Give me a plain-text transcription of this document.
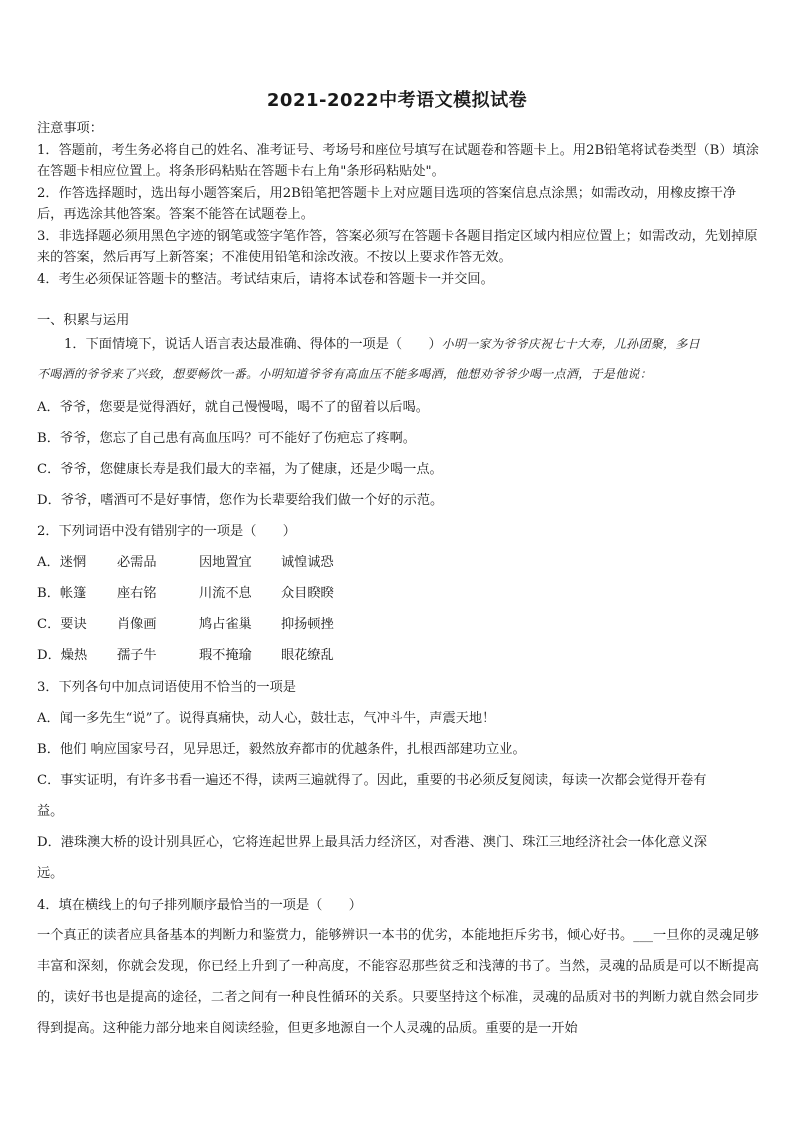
2021-2022中考语文模拟试卷

注意事项：

1．答题前，考生务必将自己的姓名、准考证号、考场号和座位号填写在试题卷和答题卡上。用2B铅笔将试卷类型（B）填涂在答题卡相应位置上。将条形码粘贴在答题卡右上角"条形码粘贴处"。

2．作答选择题时，选出每小题答案后，用2B铅笔把答题卡上对应题目选项的答案信息点涂黑；如需改动，用橡皮擦干净后，再选涂其他答案。答案不能答在试题卷上。

3．非选择题必须用黑色字迹的钢笔或签字笔作答，答案必须写在答题卡各题目指定区域内相应位置上；如需改动，先划掉原来的答案，然后再写上新答案；不准使用铅笔和涂改液。不按以上要求作答无效。

4．考生必须保证答题卡的整洁。考试结束后，请将本试卷和答题卡一并交回。

一、积累与运用
1．下面情境下，说话人语言表达最准确、得体的一项是（　　）小明一家为爷爷庆祝七十大寿，儿孙团聚，多日
不喝酒的爷爷来了兴致，想要畅饮一番。小明知道爷爷有高血压不能多喝酒，他想劝爷爷少喝一点酒，于是他说：
A．爷爷，您要是觉得酒好，就自己慢慢喝，喝不了的留着以后喝。
B．爷爷，您忘了自己患有高血压吗？可不能好了伤疤忘了疼啊。
C．爷爷，您健康长寿是我们最大的幸福，为了健康，还是少喝一点。
D．爷爷，嗜酒可不是好事情，您作为长辈要给我们做一个好的示范。
2．下列词语中没有错别字的一项是（　　）
A．迷惘 必需品	因地置宜 诚惶诚恐
B．帐篷 座右铭	川流不息 众目睽睽
C．要诀 肖像画	鸠占雀巢 抑扬顿挫
D．燥热 孺子牛	瑕不掩瑜 眼花缭乱
3．下列各句中加点词语使用不恰当的一项是
A．闻一多先生“说”了。说得真痛快，动人心，鼓壮志，气冲斗牛，声震天地！
B．他们 响应国家号召，见异思迁，毅然放弃都市的优越条件，扎根西部建功立业。
C．事实证明，有许多书看一遍还不得，读两三遍就得了。因此，重要的书必须反复阅读，每读一次都会觉得开卷有
益。
D．港珠澳大桥的设计别具匠心，它将连起世界上最具活力经济区，对香港、澳门、珠江三地经济社会一体化意义深
远。
4．填在横线上的句子排列顺序最恰当的一项是（　　）
一个真正的读者应具备基本的判断力和鉴赏力，能够辨识一本书的优劣，本能地拒斥劣书，倾心好书。___一旦你的灵魂足够丰富和深刻，你就会发现，你已经上升到了一种高度，不能容忍那些贫乏和浅薄的书了。当然，灵魂的品质是可以不断提高的，读好书也是提高的途径，二者之间有一种良性循环的关系。只要坚持这个标准，灵魂的品质对书的判断力就自然会同步得到提高。这种能力部分地来自阅读经验，但更多地源自一个人灵魂的品质。重要的是一开始
